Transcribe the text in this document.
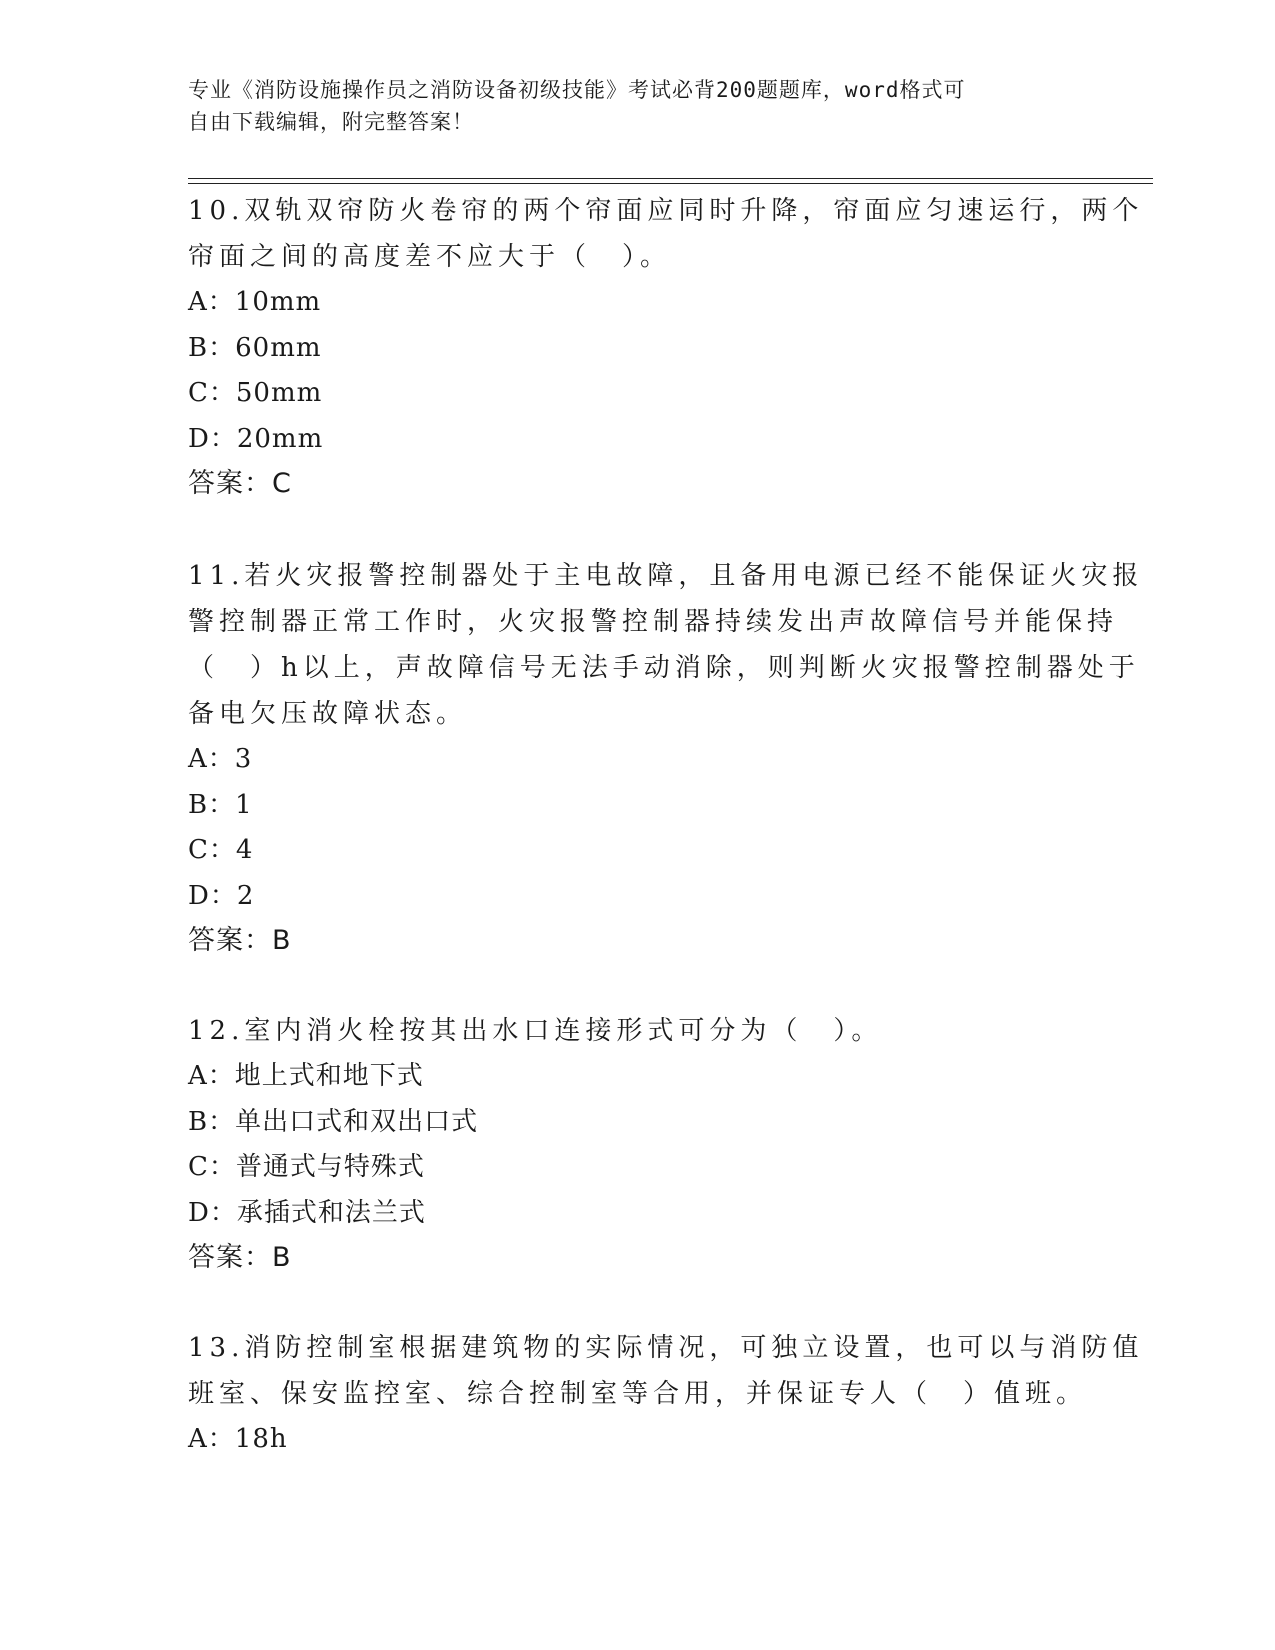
专业《消防设施操作员之消防设备初级技能》考试必背200题题库，word格式可
自由下载编辑，附完整答案！
10.双轨双帘防火卷帘的两个帘面应同时升降，帘面应匀速运行，两个
帘面之间的高度差不应大于（　）。
A：10mm
B：60mm
C：50mm
D：20mm
答案：C
11.若火灾报警控制器处于主电故障，且备用电源已经不能保证火灾报
警控制器正常工作时，火灾报警控制器持续发出声故障信号并能保持
（　）h以上，声故障信号无法手动消除，则判断火灾报警控制器处于
备电欠压故障状态。
A：3
B：1
C：4
D：2
答案：B
12.室内消火栓按其出水口连接形式可分为（　）。
A：地上式和地下式
B：单出口式和双出口式
C：普通式与特殊式
D：承插式和法兰式
答案：B
13.消防控制室根据建筑物的实际情况，可独立设置，也可以与消防值
班室、保安监控室、综合控制室等合用，并保证专人（　）值班。
A：18h
